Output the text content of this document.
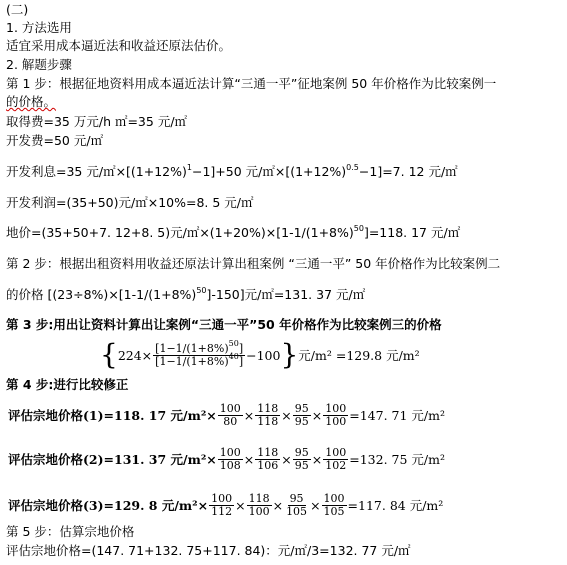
(二)
1. 方法选用
适宜采用成本逼近法和收益还原法估价。
2. 解题步骤
第 1 步：根据征地资料用成本逼近法计算“三通一平”征地案例 50 年价格作为比较案例一
的价格。
取得费=35 万元/h ㎡=35 元/㎡
开发费=50 元/㎡
开发利息=35 元$/㎡\times[(1+12\%)^1-1]+50$ 元$/㎡\times[(1+12\%)^{0.5}-1]=7$. 12 元/㎡
开发利润=(35+50)元/㎡×10%=8. 5 元/㎡
地价=(35+50+7. 12+8. 5)元$/㎡\times(1+20\%)\times[1-1/(1+8\%)^{50}]=118$. 17 元/㎡
第 2 步：根据出租资料用收益还原法计算出租案例 “三通一平” 50 年价格作为比较案例二
的价格 $[(23\div 8\%)\times[1-1/(1+8\%)^{50}]-150]$元/㎡=131. 37 元/㎡
第 3 步:用出让资料计算出让案例“三通一平”50 年价格作为比较案例三的价格
{ $224\times \frac{[1-1/(1+8\%)^{50}]}{[1-1/(1+8\%)^{40}]} -100$ } 元/m² =129.8 元/m²
第 4 步:进行比较修正
评估宗地价格(1)=118. 17 元$/m^2\times \frac{100}{80} \times \frac{118}{118} \times \frac{95}{95} \times \frac{100}{100} =147$. 71 元/m²
评估宗地价格(2)=131. 37 元$/m^2\times \frac{100}{108} \times \frac{118}{106} \times \frac{95}{95} \times \frac{100}{102} =132$. 75 元/m²
评估宗地价格(3)=129. 8 元$/m^2\times \frac{100}{112} \times \frac{118}{100} \times \frac{95}{105} \times \frac{100}{105} =117$. 84 元/m²
第 5 步：估算宗地价格
评估宗地价格=(147. 71+132. 75+117. 84)：元/㎡/3=132. 77 元/㎡
